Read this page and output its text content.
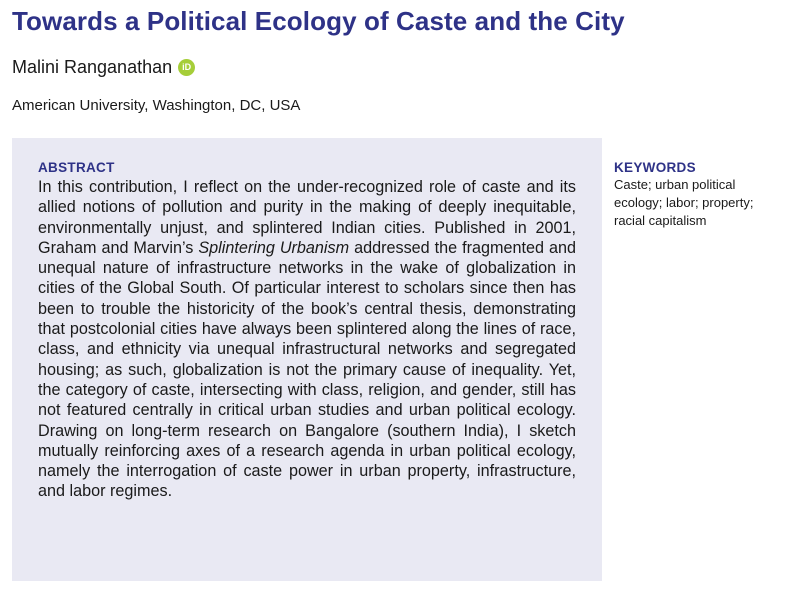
Towards a Political Ecology of Caste and the City
Malini Ranganathan	iD
American University, Washington, DC, USA
ABSTRACT

In this contribution, I reflect on the under-recognized role of caste and its allied notions of pollution and purity in the making of deeply inequitable, environmentally unjust, and splintered Indian cities. Published in 2001, Graham and Marvin’s Splintering Urbanism addressed the fragmented and unequal nature of infrastructure networks in the wake of globalization in cities of the Global South. Of particular interest to scholars since then has been to trouble the historicity of the book’s central thesis, demonstrating that postcolonial cities have always been splintered along the lines of race, class, and ethnicity via unequal infrastructural networks and segregated housing; as such, globalization is not the primary cause of inequality. Yet, the category of caste, intersecting with class, religion, and gender, still has not featured centrally in critical urban studies and urban political ecology. Drawing on long-term research on Bangalore (southern India), I sketch mutually reinforcing axes of a research agenda in urban political ecology, namely the interrogation of caste power in urban property, infrastructure, and labor regimes.

KEYWORDS
Caste; urban political ecology; labor; property; racial capitalism
